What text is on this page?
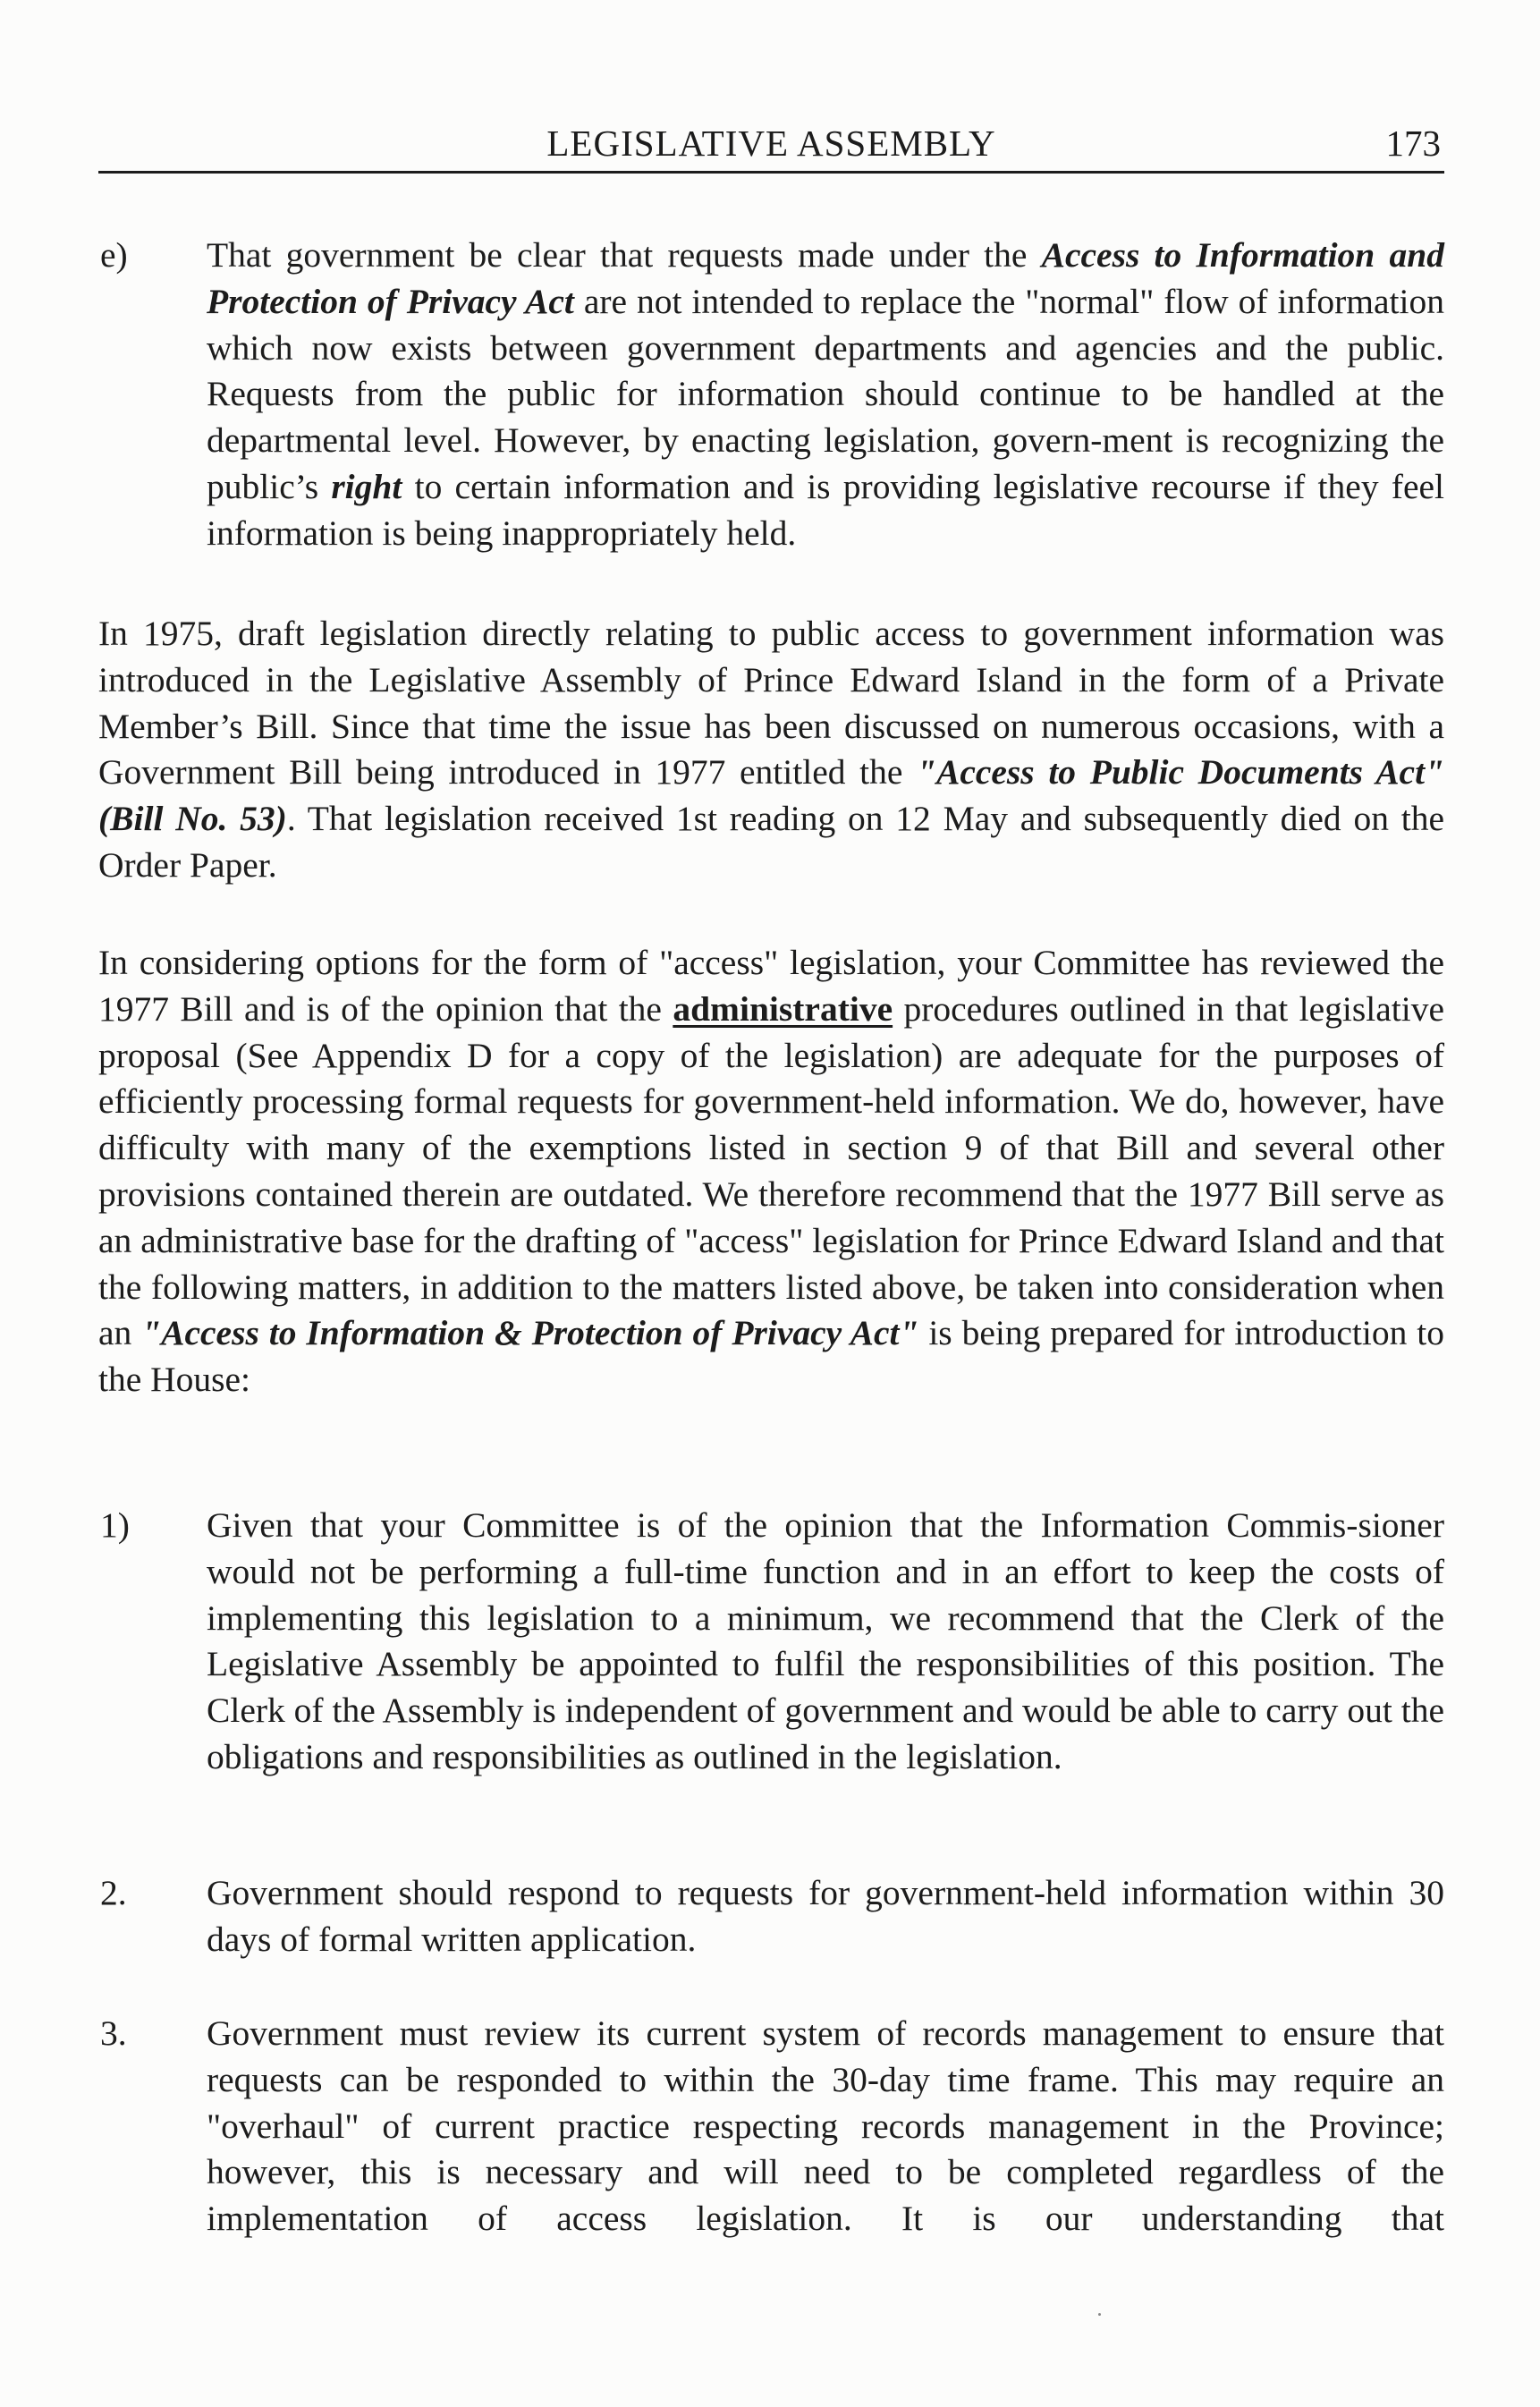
LEGISLATIVE ASSEMBLY	173
e) That government be clear that requests made under the Access to Information and Protection of Privacy Act are not intended to replace the "normal" flow of information which now exists between government departments and agencies and the public. Requests from the public for information should continue to be handled at the departmental level. However, by enacting legislation, govern-ment is recognizing the public’s right to certain information and is providing legislative recourse if they feel information is being inappropriately held.

In 1975, draft legislation directly relating to public access to government information was introduced in the Legislative Assembly of Prince Edward Island in the form of a Private Member’s Bill. Since that time the issue has been discussed on numerous occasions, with a Government Bill being introduced in 1977 entitled the "Access to Public Documents Act" (Bill No. 53). That legislation received 1st reading on 12 May and subsequently died on the Order Paper.

In considering options for the form of "access" legislation, your Committee has reviewed the 1977 Bill and is of the opinion that the administrative procedures outlined in that legislative proposal (See Appendix D for a copy of the legislation) are adequate for the purposes of efficiently processing formal requests for government-held information. We do, however, have difficulty with many of the exemptions listed in section 9 of that Bill and several other provisions contained therein are outdated. We therefore recommend that the 1977 Bill serve as an administrative base for the drafting of "access" legislation for Prince Edward Island and that the following matters, in addition to the matters listed above, be taken into consideration when an "Access to Information & Protection of Privacy Act" is being prepared for introduction to the House:

1) Given that your Committee is of the opinion that the Information Commis-sioner would not be performing a full-time function and in an effort to keep the costs of implementing this legislation to a minimum, we recommend that the Clerk of the Legislative Assembly be appointed to fulfil the responsibilities of this position. The Clerk of the Assembly is independent of government and would be able to carry out the obligations and responsibilities as outlined in the legislation.

2. Government should respond to requests for government-held information within 30 days of formal written application.

3. Government must review its current system of records management to ensure that requests can be responded to within the 30-day time frame. This may require an "overhaul" of current practice respecting records management in the Province; however, this is necessary and will need to be completed regardless of the implementation of access legislation. It is our understanding that
